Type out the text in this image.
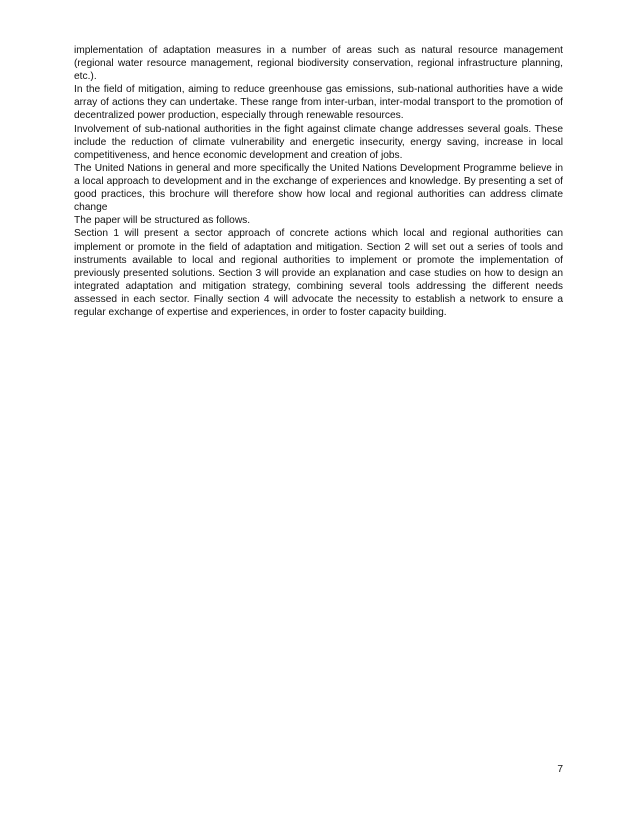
implementation of adaptation measures in a number of areas such as natural resource management (regional water resource management, regional biodiversity conservation, regional infrastructure planning, etc.).

In the field of mitigation, aiming to reduce greenhouse gas emissions, sub-national authorities have a wide array of actions they can undertake. These range from inter-urban, inter-modal transport to the promotion of decentralized power production, especially through renewable resources.

Involvement of sub-national authorities in the fight against climate change addresses several goals. These include the reduction of climate vulnerability and energetic insecurity, energy saving, increase in local competitiveness, and hence economic development and creation of jobs.

The United Nations in general and more specifically the United Nations Development Programme believe in a local approach to development and in the exchange of experiences and knowledge. By presenting a set of good practices, this brochure will therefore show how local and regional authorities can address climate change

The paper will be structured as follows.

Section 1 will present a sector approach of concrete actions which local and regional authorities can implement or promote in the field of adaptation and mitigation. Section 2 will set out a series of tools and instruments available to local and regional authorities to implement or promote the implementation of previously presented solutions. Section 3 will provide an explanation and case studies on how to design an integrated adaptation and mitigation strategy, combining several tools addressing the different needs assessed in each sector. Finally section 4 will advocate the necessity to establish a network to ensure a regular exchange of expertise and experiences, in order to foster capacity building.

7
